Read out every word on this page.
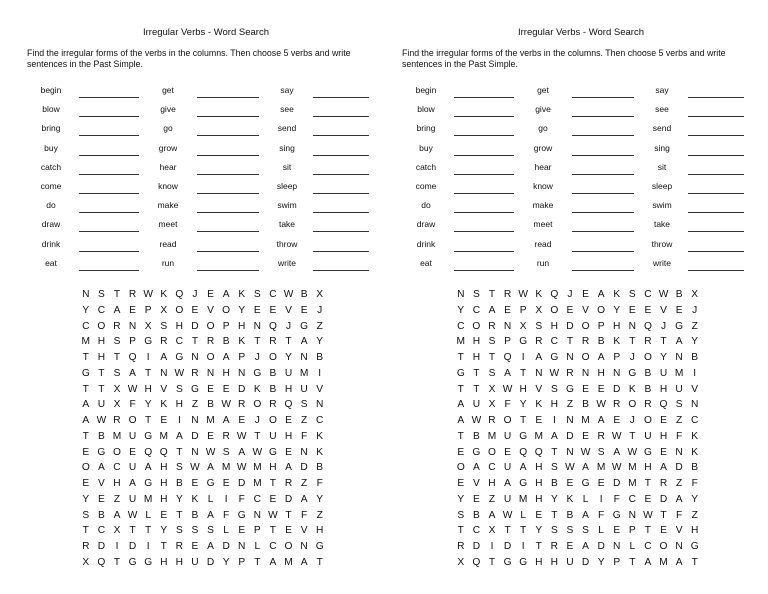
Irregular Verbs - Word Search
Find the irregular forms of the verbs in the columns. Then choose 5 verbs and write sentences in the Past Simple.
begin	get	say
blow	give	see
bring	go	send
buy	grow	sing
catch	hear	sit
come	know	sleep
do	make	swim
draw	meet	take
drink	read	throw
eat	run	write
N S T R W K Q J E A K S C W B X
Y C A E P X O E V O Y E E V E J
C O R N X S H D O P H N Q J G Z
M H S P G R C T R B K T R T A Y
T H T Q I A G N O A P J O Y N B
G T S A T N W R N H N G B U M I
T T X W H V S G E E D K B H U V
A U X F Y K H Z B W R O R Q S N
A W R O T E I N M A E J O E Z C
T B M U G M A D E R W T U H F K
E G O E Q Q T N W S A W G E N K
O A C U A H S W A M W M H A D B
E V H A G H B E G E D M T R Z F
Y E Z U M H Y K L I F C E D A Y
S B A W L E T B A F G N W T F Z
T C X T T Y S S S L E P T E V H
R D I D I T R E A D N L C O N G
X Q T G G H H U D Y P T A M A T
Irregular Verbs - Word Search
Find the irregular forms of the verbs in the columns. Then choose 5 verbs and write sentences in the Past Simple.
begin	get	say
blow	give	see
bring	go	send
buy	grow	sing
catch	hear	sit
come	know	sleep
do	make	swim
draw	meet	take
drink	read	throw
eat	run	write
N S T R W K Q J E A K S C W B X
Y C A E P X O E V O Y E E V E J
C O R N X S H D O P H N Q J G Z
M H S P G R C T R B K T R T A Y
T H T Q I A G N O A P J O Y N B
G T S A T N W R N H N G B U M I
T T X W H V S G E E D K B H U V
A U X F Y K H Z B W R O R Q S N
A W R O T E I N M A E J O E Z C
T B M U G M A D E R W T U H F K
E G O E Q Q T N W S A W G E N K
O A C U A H S W A M W M H A D B
E V H A G H B E G E D M T R Z F
Y E Z U M H Y K L I F C E D A Y
S B A W L E T B A F G N W T F Z
T C X T T Y S S S L E P T E V H
R D I D I T R E A D N L C O N G
X Q T G G H H U D Y P T A M A T
